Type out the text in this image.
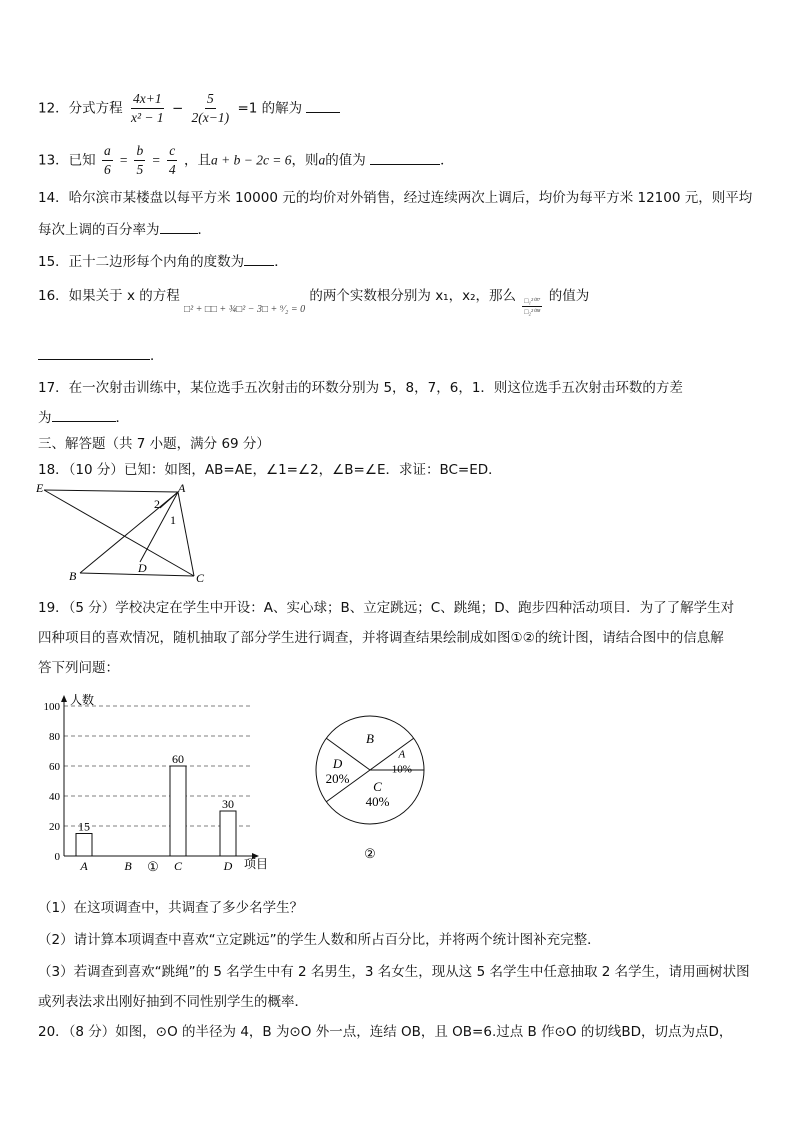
12．分式方程 $\frac{4x+1}{\text{x² − 1}} - \frac{5}{2(x-1)} =1$ 的解为
13．已知 $\frac{a}{6} = \frac{b}{5} = \frac{c}{4}$ ，且a + b − 2c = 6，则a的值为	．
14．哈尔滨市某楼盘以每平方米 10000 元的均价对外销售，经过连续两次上调后，均价为每平方米 12100 元，则平均
每次上调的百分率为	．
15．正十二边形每个内角的度数为 ．
16．如果关于 x 的方程 $_{□^2 + □□ + \frac{3}{4}□^2 - 3□ + ^9⁄_2 = 0}$ 的两个实数根分别为 x₁，x₂，那么 $\frac{\text{□₁²⁰¹⁷}}{\text{□₂²⁰¹⁸}}$ 的值为
．
17．在一次射击训练中，某位选手五次射击的环数分别为 5，8，7，6，1．则这位选手五次射击环数的方差
为	．
三、解答题（共 7 小题，满分 69 分）
18．（10 分）已知：如图，AB=AE，∠1=∠2，∠B=∠E．求证：BC=ED．
E	A
2
1
D
B	C
19．（5 分）学校决定在学生中开设：A、实心球；B、立定跳远；C、跳绳；D、跑步四种活动项目．为了了解学生对
四种项目的喜欢情况，随机抽取了部分学生进行调查，并将调查结果绘制成如图①②的统计图，请结合图中的信息解
答下列问题：
0
20
40
60
80
100 人数
项目
A
15
B	C
60
D
30
①
A
10%
C
40%
D
20%
B
②
（1）在这项调查中，共调查了多少名学生？
（2）请计算本项调查中喜欢“立定跳远”的学生人数和所占百分比，并将两个统计图补充完整．
（3）若调查到喜欢“跳绳”的 5 名学生中有 2 名男生，3 名女生，现从这 5 名学生中任意抽取 2 名学生，请用画树状图
或列表法求出刚好抽到不同性别学生的概率．
20．（8 分）如图，⊙O 的半径为 4，B 为⊙O 外一点，连结 OB，且 OB=6.过点 B 作⊙O 的切线BD，切点为点D，
